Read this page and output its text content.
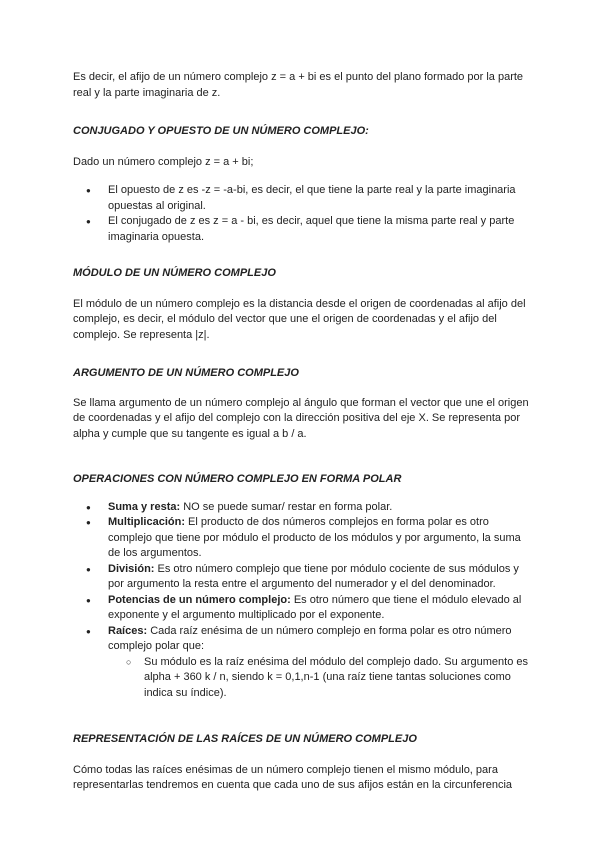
Es decir, el afijo de un número complejo z = a + bi es el punto del plano formado por la parte real y la parte imaginaria de z.

CONJUGADO Y OPUESTO DE UN NÚMERO COMPLEJO:

Dado un número complejo z = a + bi;

● El opuesto de z es -z = -a-bi, es decir, el que tiene la parte real y la parte imaginaria opuestas al original.
● El conjugado de z es z = a - bi, es decir, aquel que tiene la misma parte real y parte imaginaria opuesta.

MÓDULO DE UN NÚMERO COMPLEJO

El módulo de un número complejo es la distancia desde el origen de coordenadas al afijo del complejo, es decir, el módulo del vector que une el origen de coordenadas y el afijo del complejo. Se representa |z|.

ARGUMENTO DE UN NÚMERO COMPLEJO

Se llama argumento de un número complejo al ángulo que forman el vector que une el origen de coordenadas y el afijo del complejo con la dirección positiva del eje X. Se representa por alpha y cumple que su tangente es igual a b / a.

OPERACIONES CON NÚMERO COMPLEJO EN FORMA POLAR

● Suma y resta: NO se puede sumar/ restar en forma polar.
● Multiplicación: El producto de dos números complejos en forma polar es otro complejo que tiene por módulo el producto de los módulos y por argumento, la suma de los argumentos.
● División: Es otro número complejo que tiene por módulo cociente de sus módulos y por argumento la resta entre el argumento del numerador y el del denominador.
● Potencias de un número complejo: Es otro número que tiene el módulo elevado al exponente y el argumento multiplicado por el exponente.
● Raíces: Cada raíz enésima de un número complejo en forma polar es otro número complejo polar que:
○ Su módulo es la raíz enésima del módulo del complejo dado. Su argumento es alpha + 360 k / n, siendo k = 0,1,n-1 (una raíz tiene tantas soluciones como indica su índice).

REPRESENTACIÓN DE LAS RAÍCES DE UN NÚMERO COMPLEJO

Cómo todas las raíces enésimas de un número complejo tienen el mismo módulo, para representarlas tendremos en cuenta que cada uno de sus afijos están en la circunferencia
